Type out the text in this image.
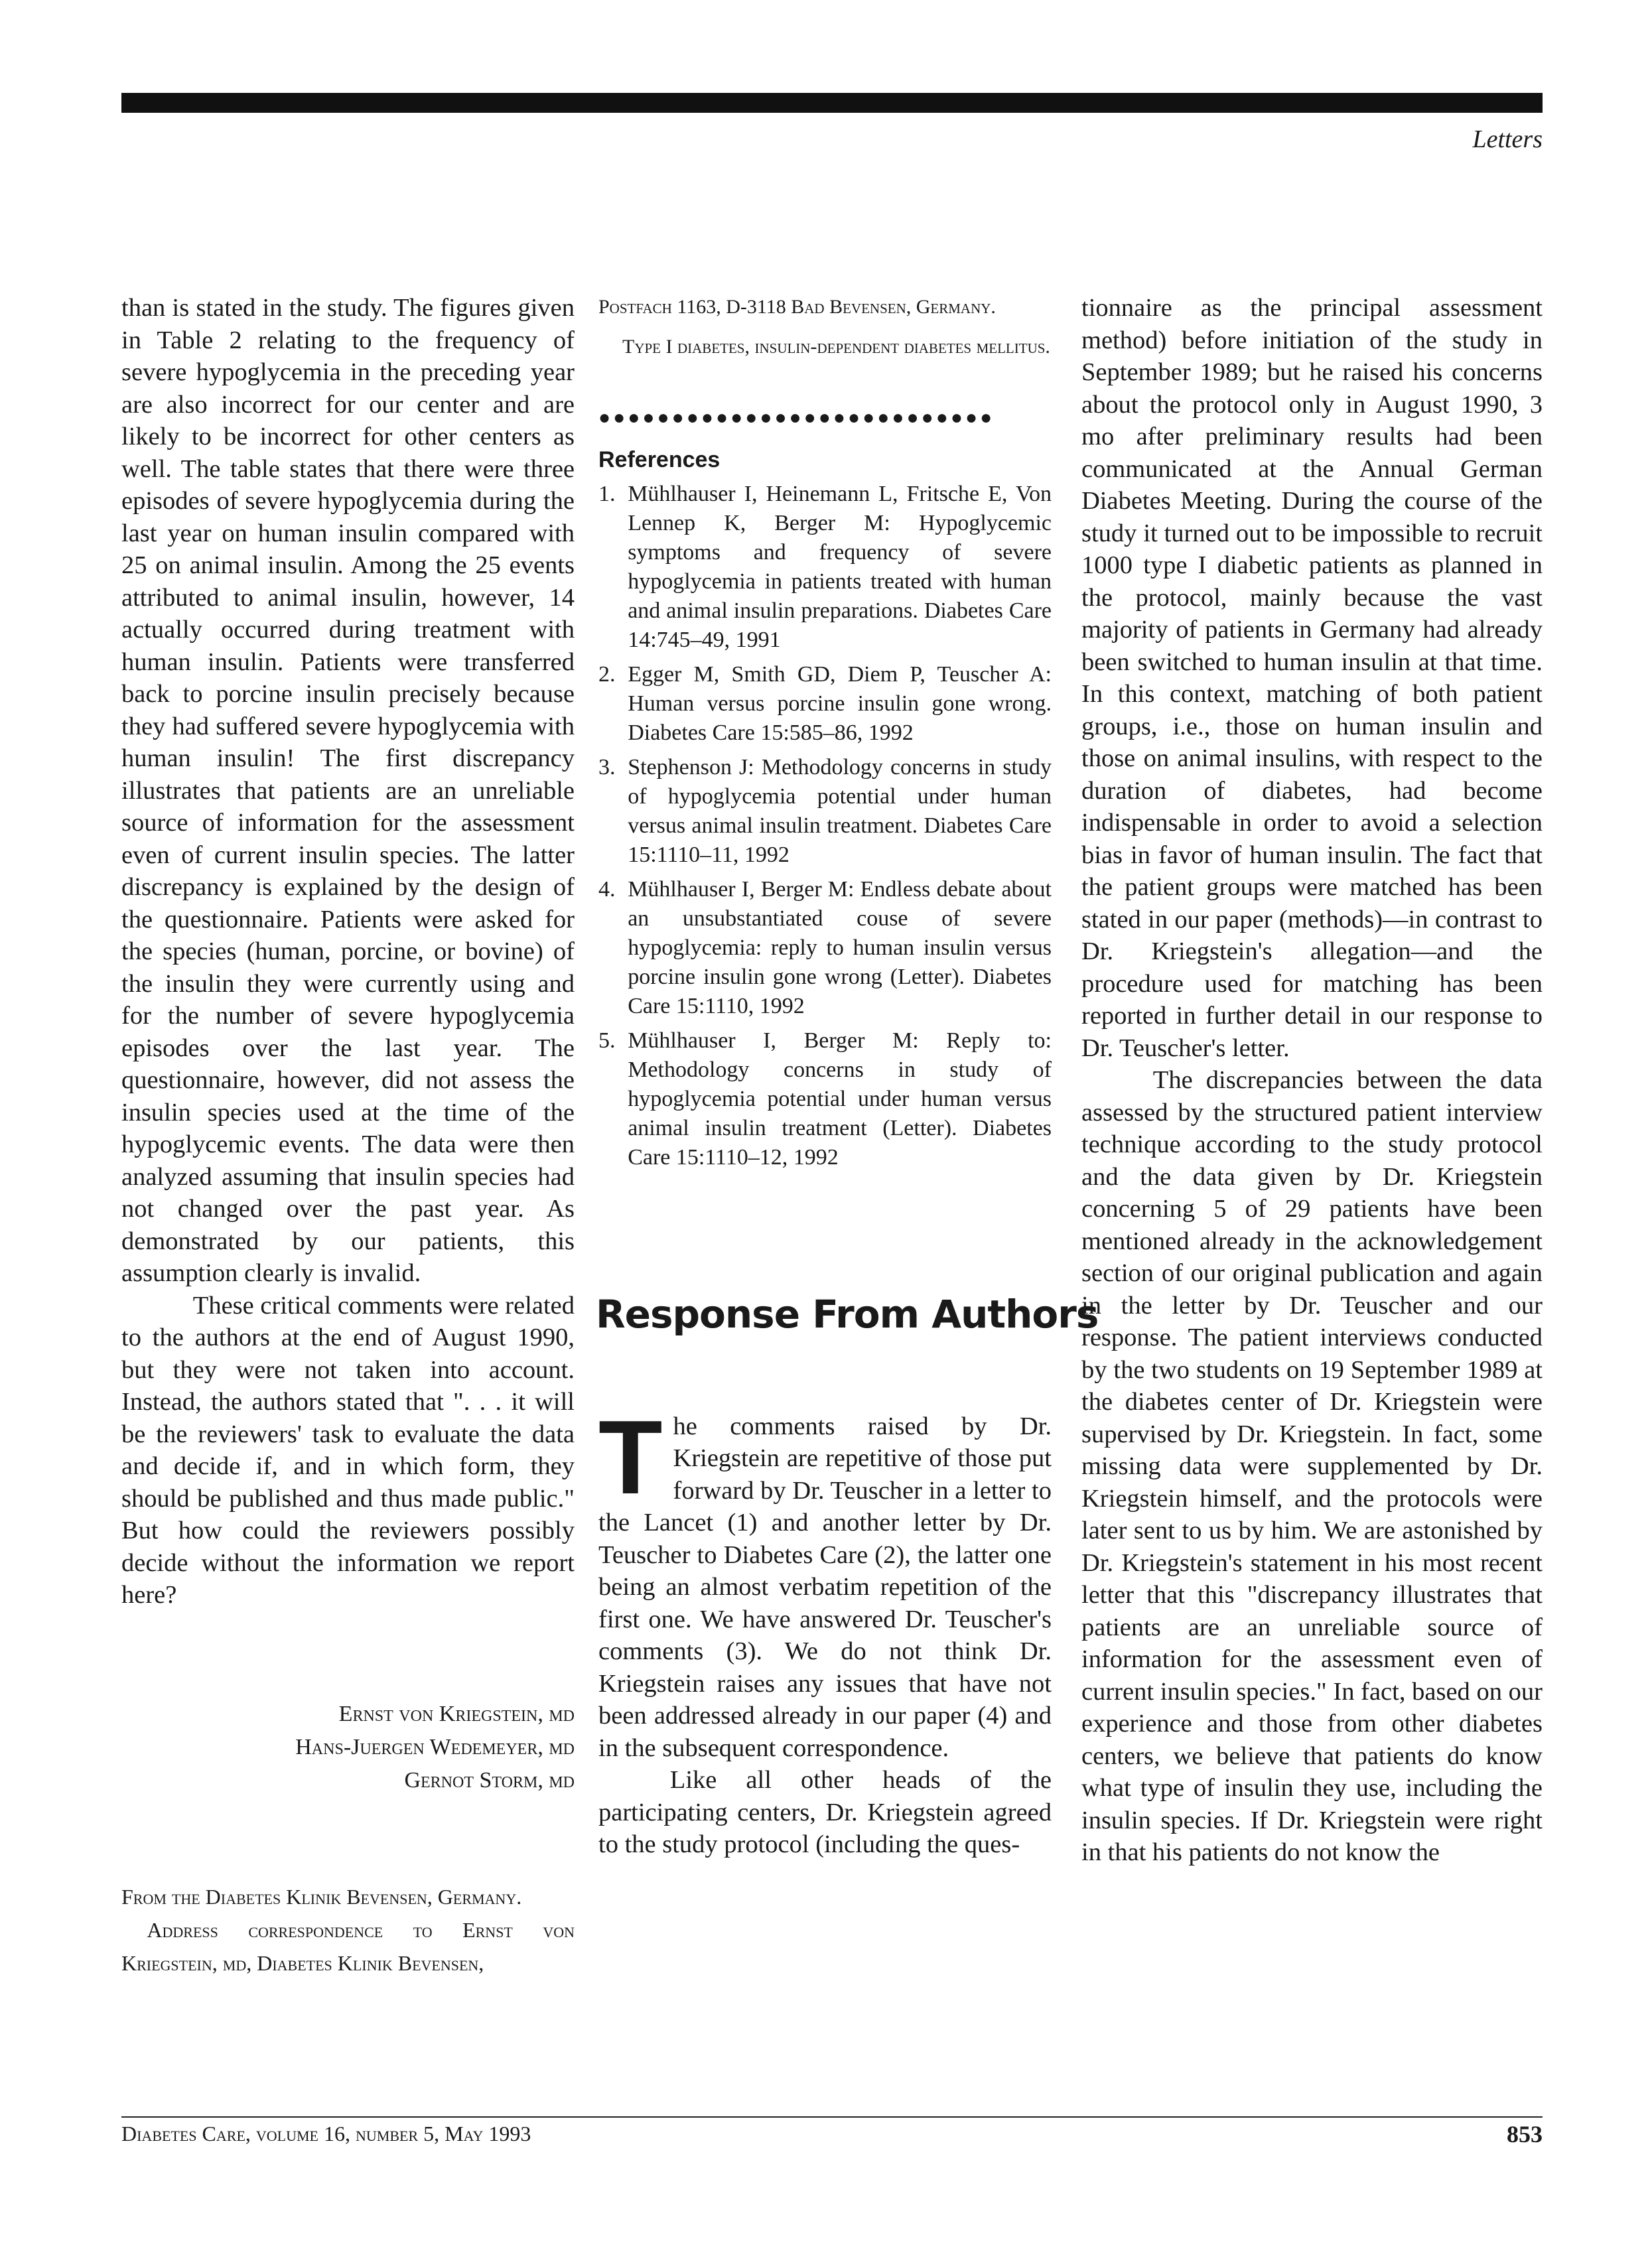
Letters

than is stated in the study. The figures given in Table 2 relating to the frequency of severe hypoglycemia in the preceding year are also incorrect for our center and are likely to be incorrect for other centers as well. The table states that there were three episodes of severe hypoglycemia during the last year on human insulin compared with 25 on animal insulin. Among the 25 events attributed to animal insulin, however, 14 actually occurred during treatment with human insulin. Patients were transferred back to porcine insulin precisely because they had suffered severe hypoglycemia with human insulin! The first discrepancy illustrates that patients are an unreliable source of information for the assessment even of current insulin species. The latter discrepancy is explained by the design of the questionnaire. Patients were asked for the species (human, porcine, or bovine) of the insulin they were currently using and for the number of severe hypoglycemia episodes over the last year. The questionnaire, however, did not assess the insulin species used at the time of the hypoglycemic events. The data were then analyzed assuming that insulin species had not changed over the past year. As demonstrated by our patients, this assumption clearly is invalid.

These critical comments were related to the authors at the end of August 1990, but they were not taken into account. Instead, the authors stated that ". . . it will be the reviewers' task to evaluate the data and decide if, and in which form, they should be published and thus made public." But how could the reviewers possibly decide without the information we report here?

Ernst von Kriegstein, md
Hans-Juergen Wedemeyer, md
Gernot Storm, md

From the Diabetes Klinik Bevensen, Germany.

Address correspondence to Ernst von Kriegstein, md, Diabetes Klinik Bevensen,

Postfach 1163, D-3118 Bad Bevensen, Germany.

Type I diabetes, insulin-dependent diabetes mellitus.

●●●●●●●●●●●●●●●●●●●●●●●●●●●
References
1. Mühlhauser I, Heinemann L, Fritsche E, Von Lennep K, Berger M: Hypoglycemic symptoms and frequency of severe hypoglycemia in patients treated with human and animal insulin preparations. Diabetes Care 14:745–49, 1991
2. Egger M, Smith GD, Diem P, Teuscher A: Human versus porcine insulin gone wrong. Diabetes Care 15:585–86, 1992
3. Stephenson J: Methodology concerns in study of hypoglycemia potential under human versus animal insulin treatment. Diabetes Care 15:1110–11, 1992
4. Mühlhauser I, Berger M: Endless debate about an unsubstantiated couse of severe hypoglycemia: reply to human insulin versus porcine insulin gone wrong (Letter). Diabetes Care 15:1110, 1992
5. Mühlhauser I, Berger M: Reply to: Methodology concerns in study of hypoglycemia potential under human versus animal insulin treatment (Letter). Diabetes Care 15:1110–12, 1992
Response From Authors

The comments raised by Dr. Kriegstein are repetitive of those put forward by Dr. Teuscher in a letter to the Lancet (1) and another letter by Dr. Teuscher to Diabetes Care (2), the latter one being an almost verbatim repetition of the first one. We have answered Dr. Teuscher's comments (3). We do not think Dr. Kriegstein raises any issues that have not been addressed already in our paper (4) and in the subsequent correspondence.

Like all other heads of the participating centers, Dr. Kriegstein agreed to the study protocol (including the ques-

tionnaire as the principal assessment method) before initiation of the study in September 1989; but he raised his concerns about the protocol only in August 1990, 3 mo after preliminary results had been communicated at the Annual German Diabetes Meeting. During the course of the study it turned out to be impossible to recruit 1000 type I diabetic patients as planned in the protocol, mainly because the vast majority of patients in Germany had already been switched to human insulin at that time. In this context, matching of both patient groups, i.e., those on human insulin and those on animal insulins, with respect to the duration of diabetes, had become indispensable in order to avoid a selection bias in favor of human insulin. The fact that the patient groups were matched has been stated in our paper (methods)—in contrast to Dr. Kriegstein's allegation—and the procedure used for matching has been reported in further detail in our response to Dr. Teuscher's letter.

The discrepancies between the data assessed by the structured patient interview technique according to the study protocol and the data given by Dr. Kriegstein concerning 5 of 29 patients have been mentioned already in the acknowledgement section of our original publication and again in the letter by Dr. Teuscher and our response. The patient interviews conducted by the two students on 19 September 1989 at the diabetes center of Dr. Kriegstein were supervised by Dr. Kriegstein. In fact, some missing data were supplemented by Dr. Kriegstein himself, and the protocols were later sent to us by him. We are astonished by Dr. Kriegstein's statement in his most recent letter that this "discrepancy illustrates that patients are an unreliable source of information for the assessment even of current insulin species." In fact, based on our experience and those from other diabetes centers, we believe that patients do know what type of insulin they use, including the insulin species. If Dr. Kriegstein were right in that his patients do not know the

Diabetes Care, volume 16, number 5, May 1993	853
